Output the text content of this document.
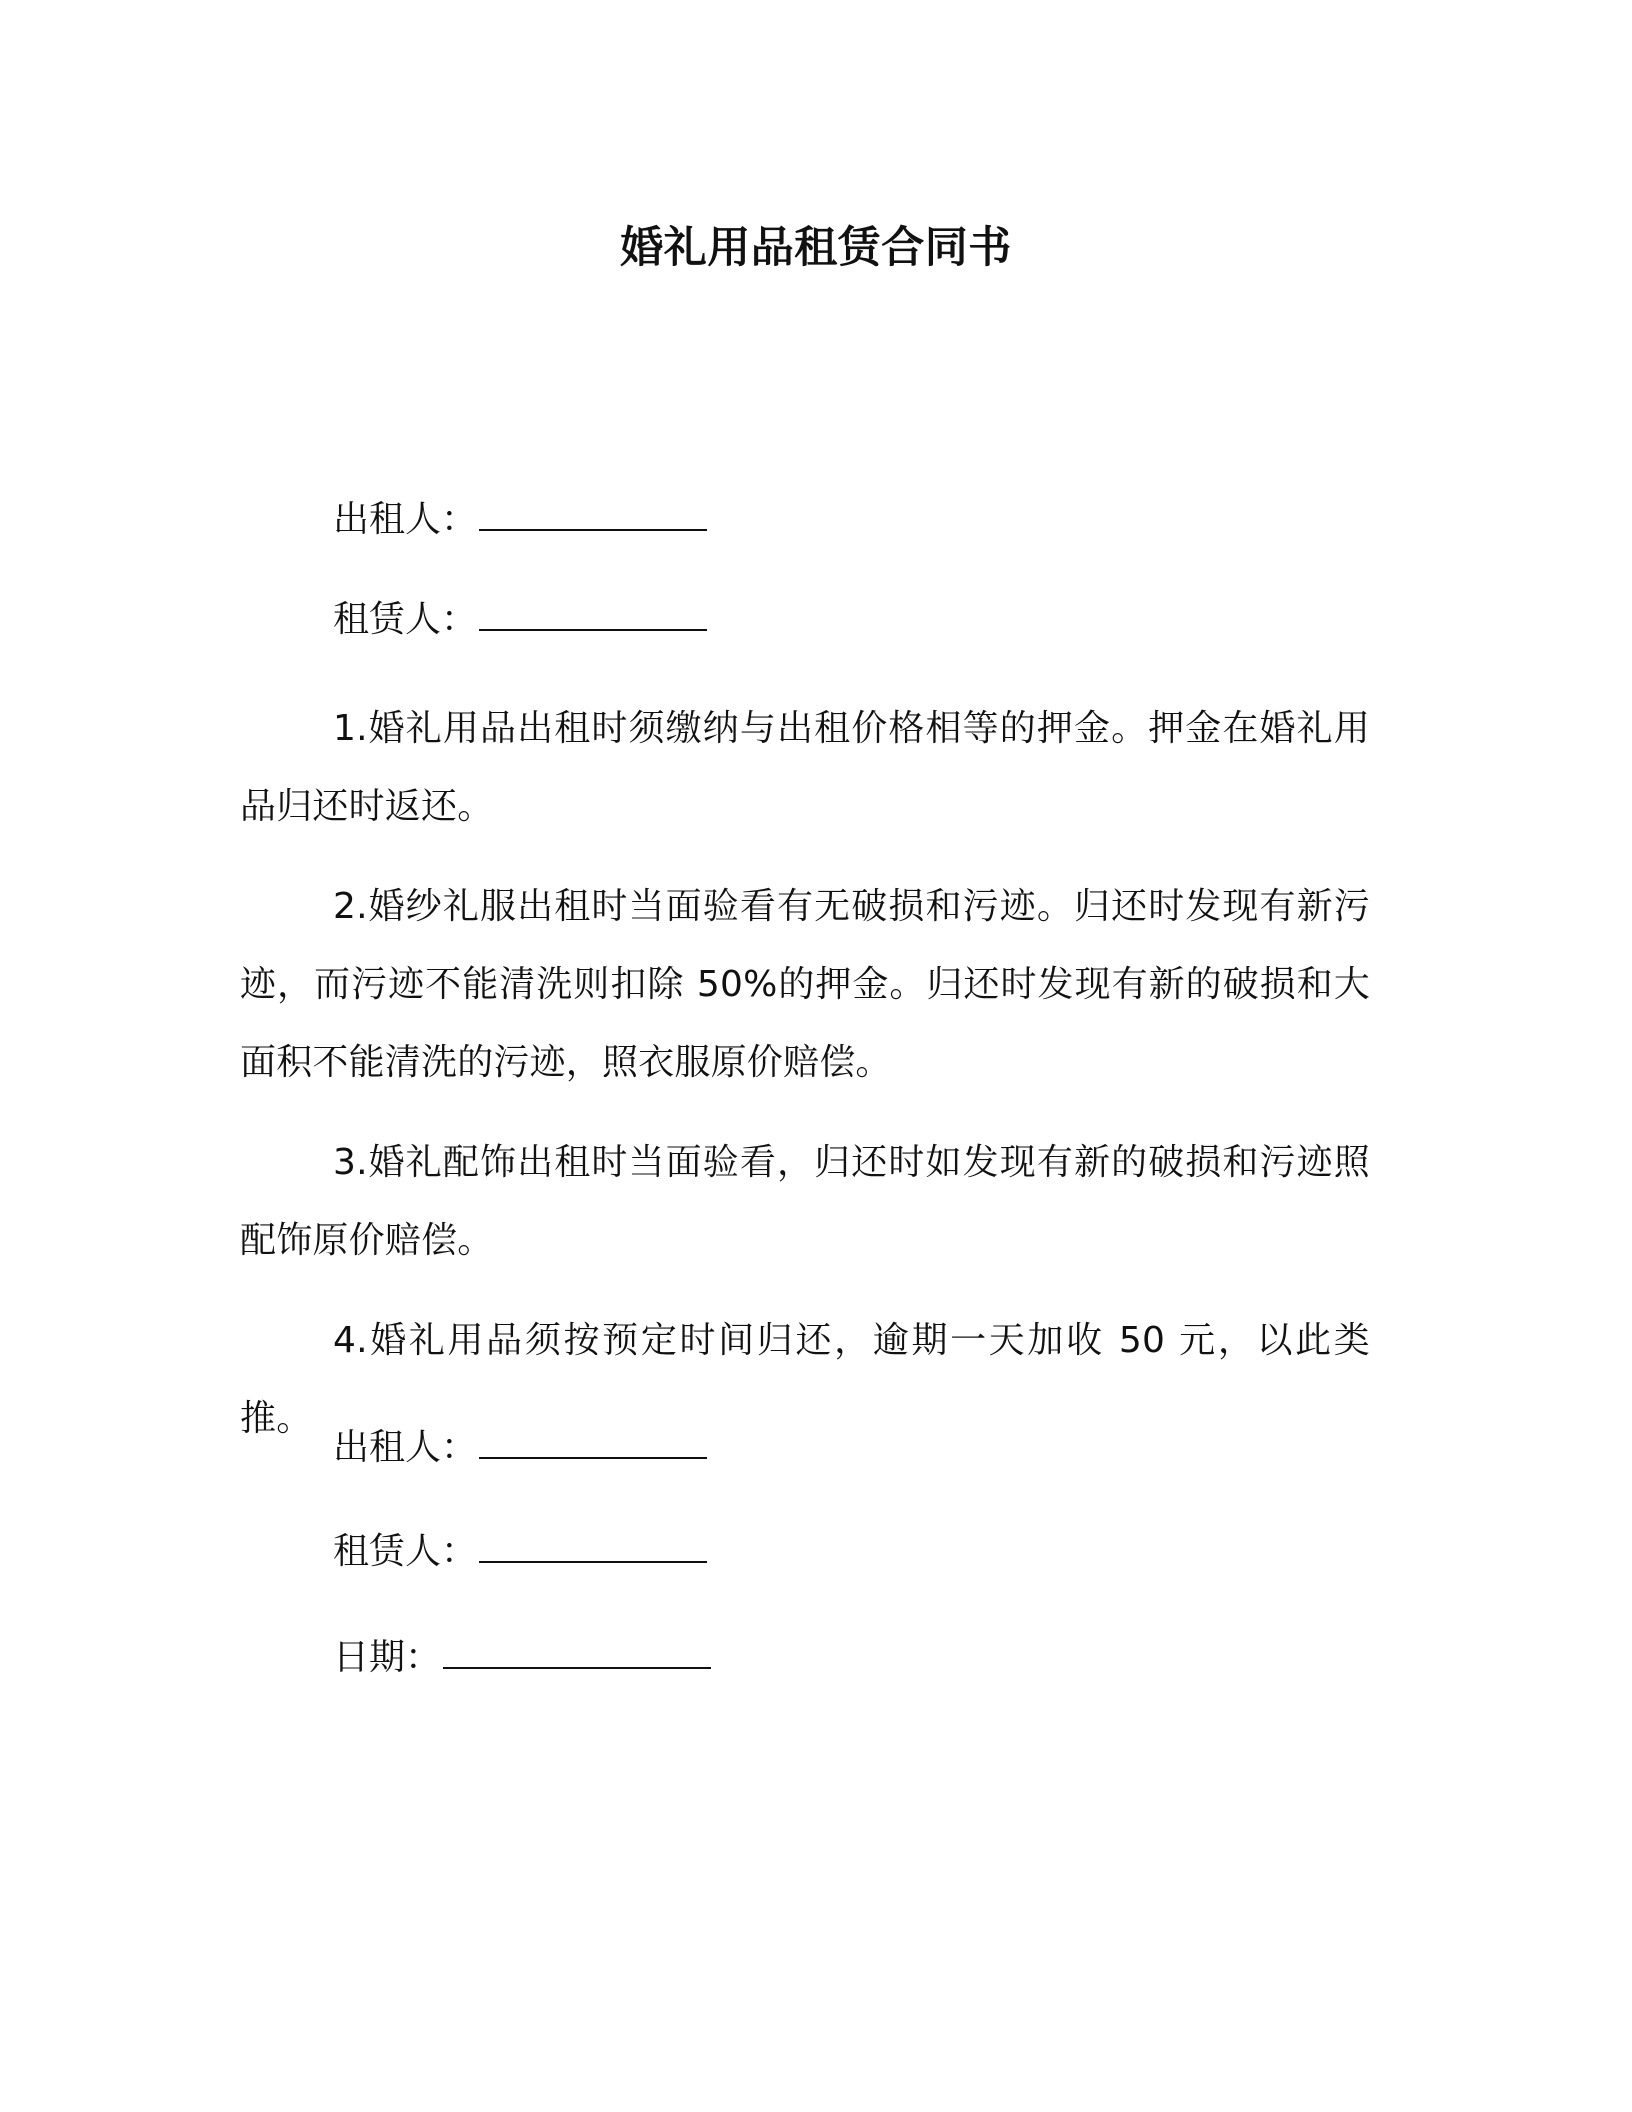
婚礼用品租赁合同书
出租人：
租赁人：
1.婚礼用品出租时须缴纳与出租价格相等的押金。押金在婚礼用品归还时返还。
2.婚纱礼服出租时当面验看有无破损和污迹。归还时发现有新污迹，而污迹不能清洗则扣除 50%的押金。归还时发现有新的破损和大面积不能清洗的污迹，照衣服原价赔偿。
3.婚礼配饰出租时当面验看，归还时如发现有新的破损和污迹照配饰原价赔偿。
4.婚礼用品须按预定时间归还，逾期一天加收 50 元，以此类推。
出租人：
租赁人：
日期：
